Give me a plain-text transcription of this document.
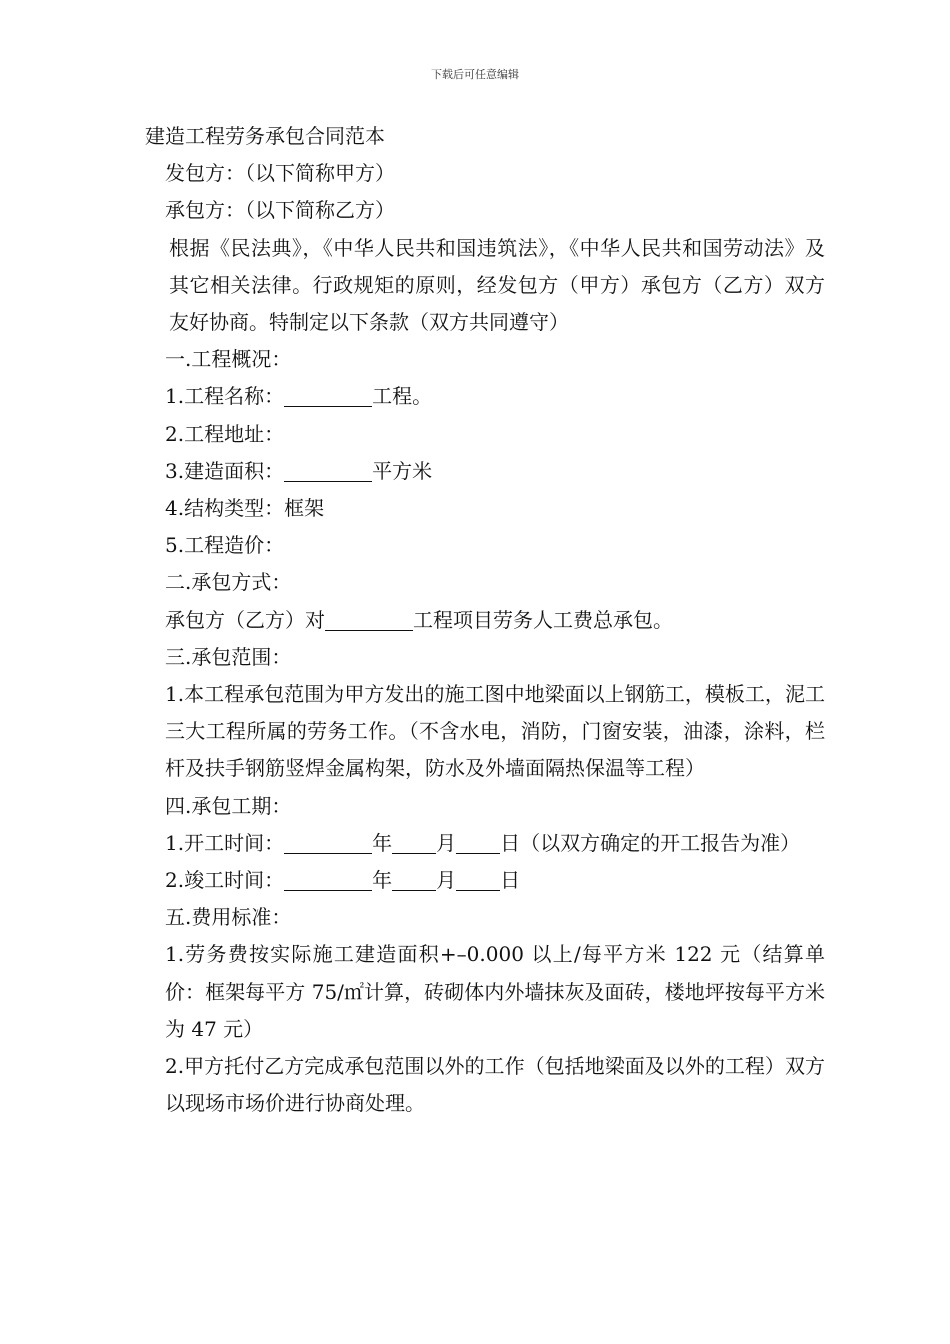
下载后可任意编辑

建造工程劳务承包合同范本

发包方：（以下简称甲方）

承包方：（以下简称乙方）

根据《民法典》，《中华人民共和国违筑法》，《中华人民共和国劳动法》及其它相关法律。行政规矩的原则，经发包方（甲方）承包方（乙方）双方友好协商。特制定以下条款（双方共同遵守）

一.工程概况：

1.工程名称：	工程。

2.工程地址：

3.建造面积：	平方米

4.结构类型：框架

5.工程造价：

二.承包方式：

承包方（乙方）对	工程项目劳务人工费总承包。

三.承包范围：

1.本工程承包范围为甲方发出的施工图中地梁面以上钢筋工，模板工，泥工三大工程所属的劳务工作。（不含水电，消防，门窗安装，油漆，涂料，栏杆及扶手钢筋竖焊金属构架，防水及外墙面隔热保温等工程）

四.承包工期：

1.开工时间：	年 月 日（以双方确定的开工报告为准）

2.竣工时间：	年 月 日

五.费用标准：

1.劳务费按实际施工建造面积+–0.000 以上/每平方米 122 元（结算单价：框架每平方 75/㎡计算，砖砌体内外墙抹灰及面砖，楼地坪按每平方米为 47 元）

2.甲方托付乙方完成承包范围以外的工作（包括地梁面及以外的工程）双方以现场市场价进行协商处理。
